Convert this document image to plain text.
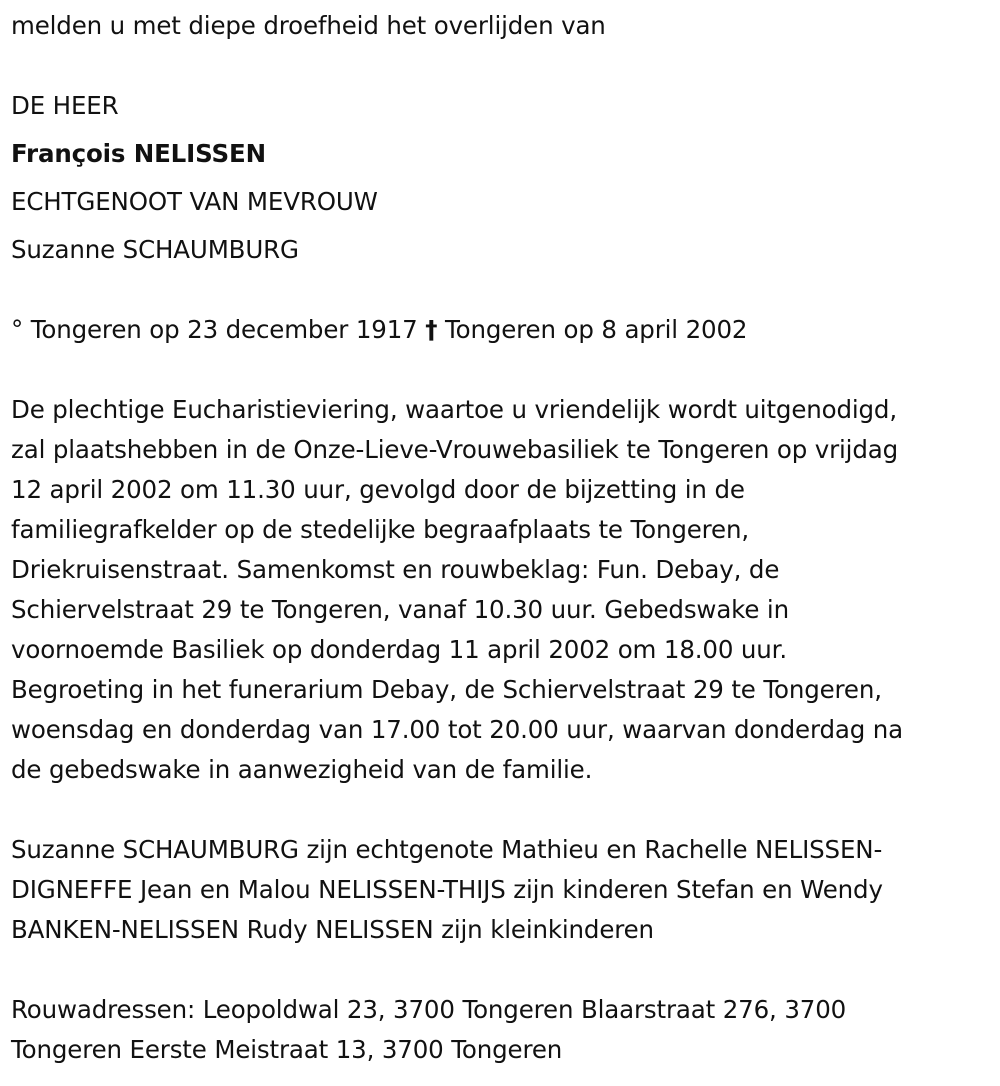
melden u met diepe droefheid het overlijden van
DE HEER
François NELISSEN
ECHTGENOOT VAN MEVROUW
Suzanne SCHAUMBURG
° Tongeren op 23 december 1917 † Tongeren op 8 april 2002
De plechtige Eucharistieviering, waartoe u vriendelijk wordt uitgenodigd,
zal plaatshebben in de Onze-Lieve-Vrouwebasiliek te Tongeren op vrijdag
12 april 2002 om 11.30 uur, gevolgd door de bijzetting in de
familiegrafkelder op de stedelijke begraafplaats te Tongeren,
Driekruisenstraat. Samenkomst en rouwbeklag: Fun. Debay, de
Schiervelstraat 29 te Tongeren, vanaf 10.30 uur. Gebedswake in
voornoemde Basiliek op donderdag 11 april 2002 om 18.00 uur.
Begroeting in het funerarium Debay, de Schiervelstraat 29 te Tongeren,
woensdag en donderdag van 17.00 tot 20.00 uur, waarvan donderdag na
de gebedswake in aanwezigheid van de familie.
Suzanne SCHAUMBURG zijn echtgenote Mathieu en Rachelle NELISSEN-
DIGNEFFE Jean en Malou NELISSEN-THIJS zijn kinderen Stefan en Wendy
BANKEN-NELISSEN Rudy NELISSEN zijn kleinkinderen
Rouwadressen: Leopoldwal 23, 3700 Tongeren Blaarstraat 276, 3700
Tongeren Eerste Meistraat 13, 3700 Tongeren
